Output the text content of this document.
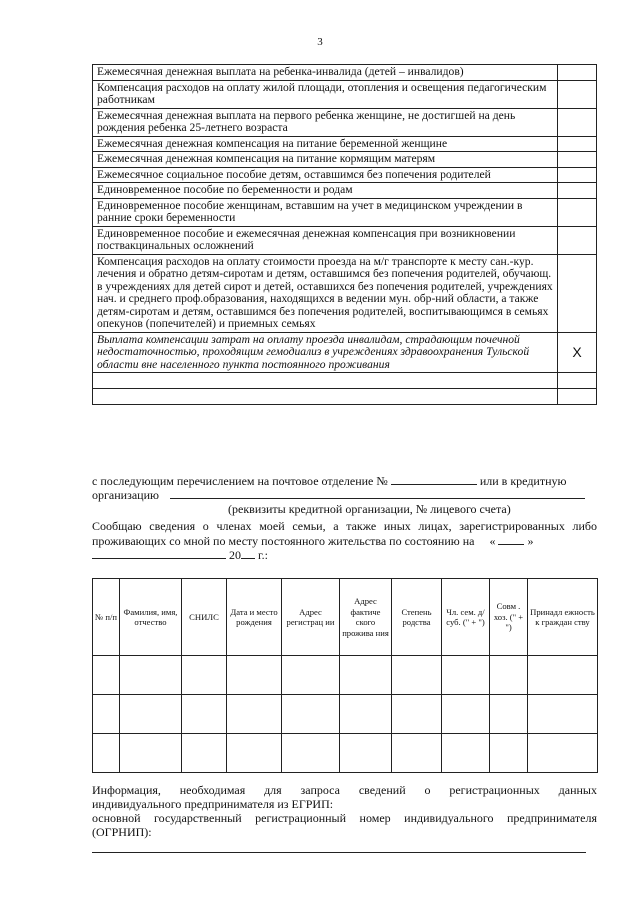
3
Ежемесячная денежная выплата на ребенка-инвалида (детей – инвалидов)	
Компенсация расходов на оплату жилой площади, отопления и освещения педагогическим работникам	
Ежемесячная денежная выплата на первого ребенка женщине, не достигшей на день рождения ребенка 25-летнего возраста	
Ежемесячная денежная компенсация на питание беременной женщине	
Ежемесячная денежная компенсация на питание кормящим матерям	
Ежемесячное социальное пособие детям, оставшимся без попечения родителей	
Единовременное пособие по беременности и родам	
Единовременное пособие женщинам, вставшим на учет в медицинском учреждении в ранние сроки беременности	
Единовременное пособие и ежемесячная денежная компенсация при возникновении поствакцинальных осложнений	
Компенсация расходов на оплату стоимости проезда на м/г транспорте к месту сан.-кур. лечения и обратно детям-сиротам и детям, оставшимся без попечения родителей, обучающ. в учреждениях для детей сирот и детей, оставшихся без попечения родителей, учреждениях нач. и среднего проф.образования, находящихся в ведении мун. обр-ний области, а также детям-сиротам и детям, оставшимся без попечения родителей, воспитывающимся в семьях опекунов (попечителей) и приемных семьях	
Выплата компенсации затрат на оплату проезда инвалидам, страдающим почечной недостаточностью, проходящим гемодиализ в учреждениях здравоохранения Тульской области вне населенного пункта постоянного проживания	X

с последующим перечислением на почтовое отделение №	или в кредитную
организацию
(реквизиты кредитной организации, № лицевого счета)
Сообщаю сведения о членах моей семьи, а также иных лицах, зарегистрированных либо
проживающих со мной по месту постоянного жительства по состоянию на «	»
20 г.:
№ п/п	Фамилия, имя, отчество	СНИЛС	Дата и место рождения	Адрес регистрац ии	Адрес фактиче ского прожива ния	Степень родства	Чл. сем. д/суб. (" + ")	Совм . хоз. (" + ")	Принадл ежность к граждан ству

Информация, необходимая для запроса сведений о регистрационных данных
индивидуального предпринимателя из ЕГРИП:
основной государственный регистрационный номер индивидуального предпринимателя
(ОГРНИП):
